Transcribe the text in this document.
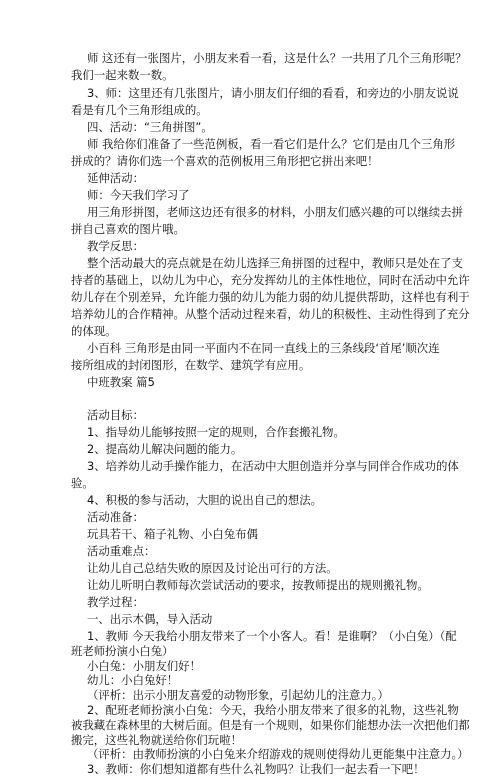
师 这还有一张图片，小朋友来看一看，这是什么？一共用了几个三角形呢？
我们一起来数一数。
3、师：这里还有几张图片，请小朋友们仔细的看看，和旁边的小朋友说说
看是有几个三角形组成的。
四、活动：“三角拼图”。
师 我给你们准备了一些范例板，看一看它们是什么？它们是由几个三角形
拼成的？请你们选一个喜欢的范例板用三角形把它拼出来吧！
延伸活动：
师：今天我们学习了
用三角形拼图，老师这边还有很多的材料，小朋友们感兴趣的可以继续去拼
拼自己喜欢的图片哦。
教学反思：
整个活动最大的亮点就是在幼儿选择三角拼图的过程中，教师只是处在了支
持者的基础上，以幼儿为中心，充分发挥幼儿的主体性地位，同时在活动中允许
幼儿存在个别差异，允许能力强的幼儿为能力弱的幼儿提供帮助，这样也有利于
培养幼儿的合作精神。从整个活动过程来看，幼儿的积极性、主动性得到了充分
的体现。
小百科 三角形是由同一平面内不在同一直线上的三条线段‘首尾’顺次连
接所组成的封闭图形，在数学、建筑学有应用。
中班教案 篇5
活动目标：
1、指导幼儿能够按照一定的规则，合作套搬礼物。
2、提高幼儿解决问题的能力。
3、培养幼儿动手操作能力，在活动中大胆创造并分享与同伴合作成功的体
验。
4、积极的参与活动，大胆的说出自己的想法。
活动准备：
玩具若干、箱子礼物、小白兔布偶
活动重难点：
让幼儿自己总结失败的原因及讨论出可行的方法。
让幼儿听明白教师每次尝试活动的要求，按教师提出的规则搬礼物。
教学过程：
一、出示木偶，导入活动
1、教师 今天我给小朋友带来了一个小客人。看！是谁啊？（小白兔）（配
班老师扮演小白兔）
小白兔：小朋友们好！
幼儿：小白兔好！
（评析：出示小朋友喜爱的动物形象，引起幼儿的注意力。）
2、配班老师扮演小白兔：今天，我给小朋友带来了很多的礼物，这些礼物
被我藏在森林里的大树后面。但是有一个规则，如果你们能想办法一次把他们都
搬完，这些礼物就送给你们玩啦！
（评析：由教师扮演的小白兔来介绍游戏的规则使得幼儿更能集中注意力。）
3、教师：你们想知道都有些什么礼物吗？让我们一起去看一下吧！
